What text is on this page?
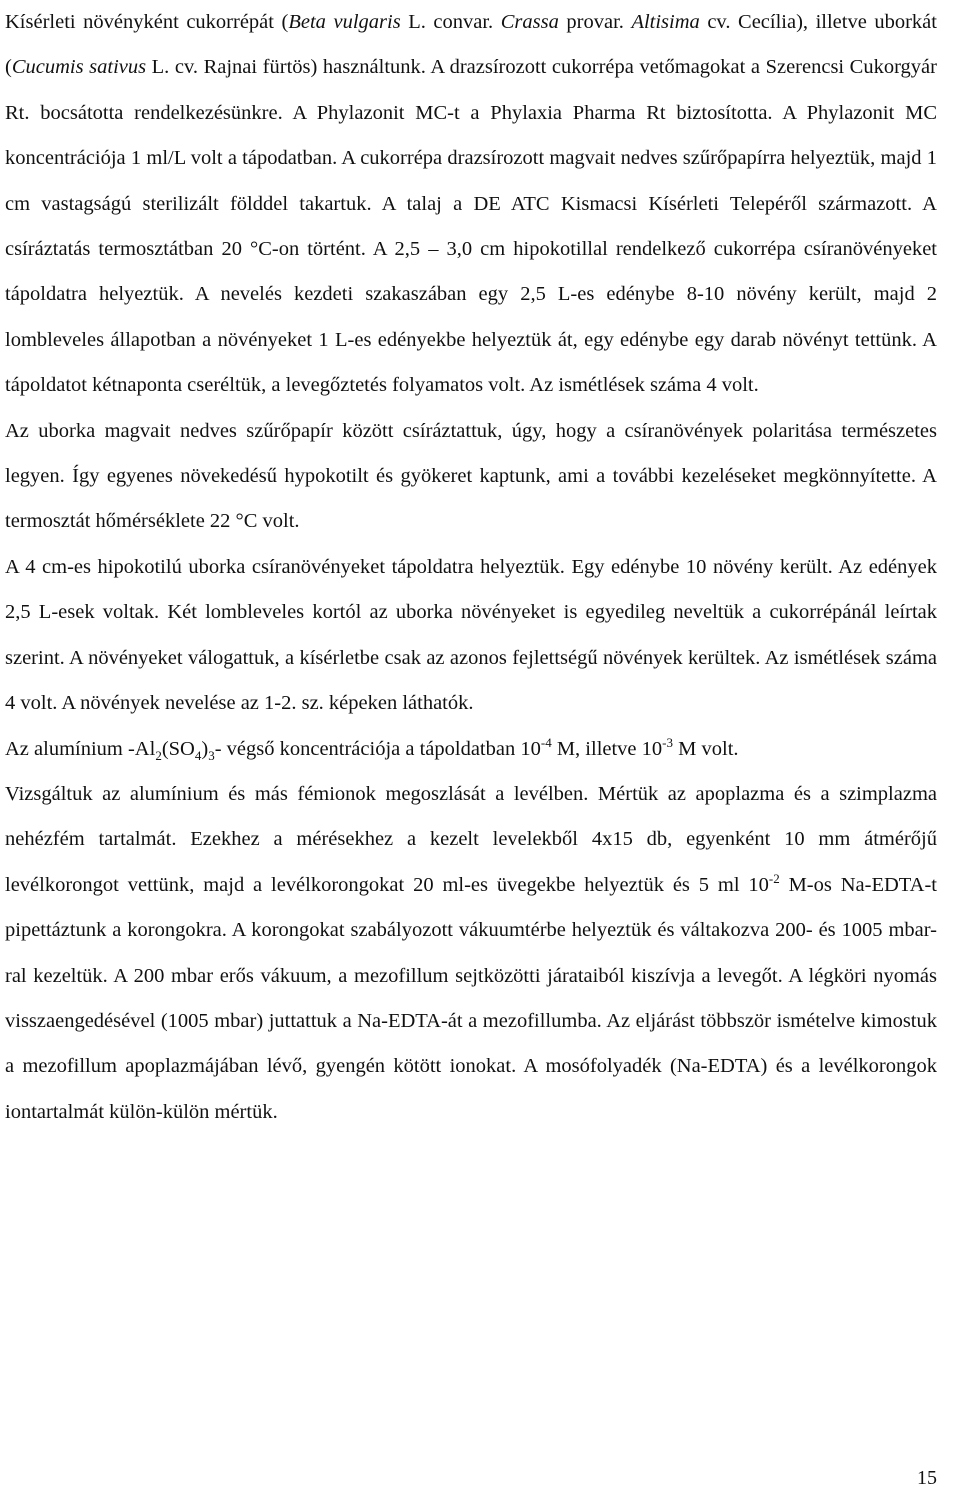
Kísérleti növényként cukorrépát (Beta vulgaris L. convar. Crassa provar. Altisima cv. Cecília), illetve uborkát (Cucumis sativus L. cv. Rajnai fürtös) használtunk. A drazsírozott cukorrépa vetőmagokat a Szerencsi Cukorgyár Rt. bocsátotta rendelkezésünkre. A Phylazonit MC-t a Phylaxia Pharma Rt biztosította. A Phylazonit MC koncentrációja 1 ml/L volt a tápodatban. A cukorrépa drazsírozott magvait nedves szűrőpapírra helyeztük, majd 1 cm vastagságú sterilizált földdel takartuk. A talaj a DE ATC Kismacsi Kísérleti Telepéről származott. A csíráztatás termosztátban 20 °C-on történt. A 2,5 – 3,0 cm hipokotillal rendelkező cukorrépa csíranövényeket tápoldatra helyeztük. A nevelés kezdeti szakaszában egy 2,5 L-es edénybe 8-10 növény került, majd 2 lombleveles állapotban a növényeket 1 L-es edényekbe helyeztük át, egy edénybe egy darab növényt tettünk. A tápoldatot kétnaponta cseréltük, a levegőztetés folyamatos volt. Az ismétlések száma 4 volt.

Az uborka magvait nedves szűrőpapír között csíráztattuk, úgy, hogy a csíranövények polaritása természetes legyen. Így egyenes növekedésű hypokotilt és gyökeret kaptunk, ami a további kezeléseket megkönnyítette. A termosztát hőmérséklete 22 °C volt.

A 4 cm-es hipokotilú uborka csíranövényeket tápoldatra helyeztük. Egy edénybe 10 növény került. Az edények 2,5 L-esek voltak. Két lombleveles kortól az uborka növényeket is egyedileg neveltük a cukorrépánál leírtak szerint. A növényeket válogattuk, a kísérletbe csak az azonos fejlettségű növények kerültek. Az ismétlések száma 4 volt. A növények nevelése az 1-2. sz. képeken láthatók.

Az alumínium $-Al_2(SO_4)_3-$ végső koncentrációja a tápoldatban $10^{-4}$ M, illetve $10^{-3}$ M volt.

Vizsgáltuk az alumínium és más fémionok megoszlását a levélben. Mértük az apoplazma és a szimplazma nehézfém tartalmát. Ezekhez a mérésekhez a kezelt levelekből 4x15 db, egyenként 10 mm átmérőjű levélkorongot vettünk, majd a levélkorongokat 20 ml-es üvegekbe helyeztük és 5 ml $10^{-2}$ M-os Na-EDTA-t pipettáztunk a korongokra. A korongokat szabályozott vákuumtérbe helyeztük és váltakozva 200- és 1005 mbar-ral kezeltük. A 200 mbar erős vákuum, a mezofillum sejtközötti járataiból kiszívja a levegőt. A légköri nyomás visszaengedésével (1005 mbar) juttattuk a Na-EDTA-át a mezofillumba. Az eljárást többször ismételve kimostuk a mezofillum apoplazmájában lévő, gyengén kötött ionokat. A mosófolyadék (Na-EDTA) és a levélkorongok iontartalmát külön-külön mértük.

15
